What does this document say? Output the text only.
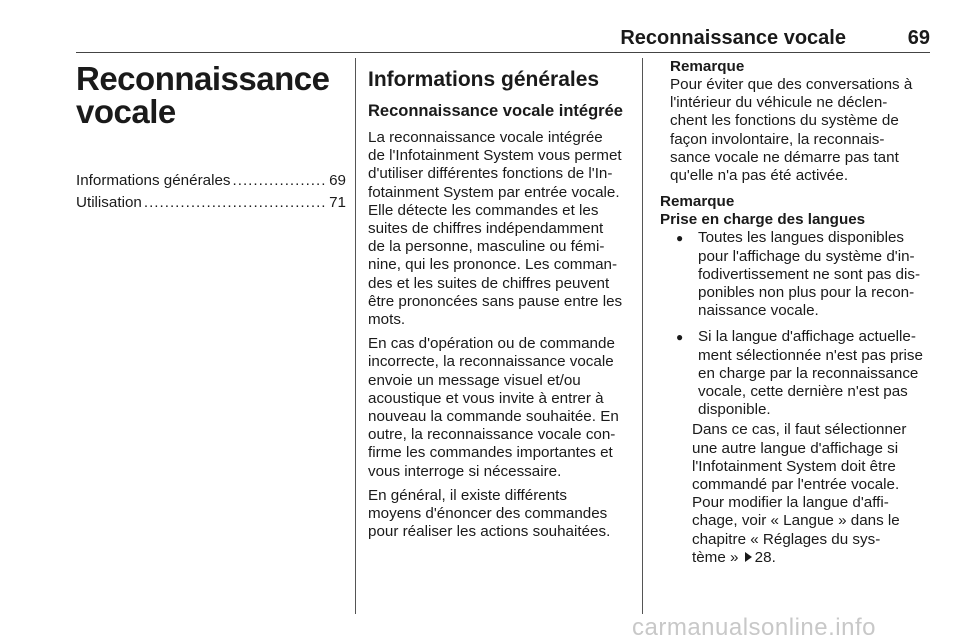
Reconnaissance vocale	69
Reconnaissance
vocale
Informations générales .....	69
Utilisation .....	71
Informations générales
Reconnaissance vocale intégrée
La reconnaissance vocale intégrée
de l'Infotainment System vous permet
d'utiliser différentes fonctions de l'In-
fotainment System par entrée vocale.
Elle détecte les commandes et les
suites de chiffres indépendamment
de la personne, masculine ou fémi-
nine, qui les prononce. Les comman-
des et les suites de chiffres peuvent
être prononcées sans pause entre les
mots.
En cas d'opération ou de commande
incorrecte, la reconnaissance vocale
envoie un message visuel et/ou
acoustique et vous invite à entrer à
nouveau la commande souhaitée. En
outre, la reconnaissance vocale con-
firme les commandes importantes et
vous interroge si nécessaire.
En général, il existe différents
moyens d'énoncer des commandes
pour réaliser les actions souhaitées.
Remarque
Pour éviter que des conversations à
l'intérieur du véhicule ne déclen-
chent les fonctions du système de
façon involontaire, la reconnais-
sance vocale ne démarre pas tant
qu'elle n'a pas été activée.
Remarque
Prise en charge des langues
● Toutes les langues disponibles
pour l'affichage du système d'in-
fodivertissement ne sont pas dis-
ponibles non plus pour la recon-
naissance vocale.
● Si la langue d'affichage actuelle-
ment sélectionnée n'est pas prise
en charge par la reconnaissance
vocale, cette dernière n'est pas
disponible.
Dans ce cas, il faut sélectionner
une autre langue d'affichage si
l'Infotainment System doit être
commandé par l'entrée vocale.
Pour modifier la langue d'affi-
chage, voir « Langue » dans le
chapitre « Réglages du sys-
tème » 28.
carmanualsonline.info
